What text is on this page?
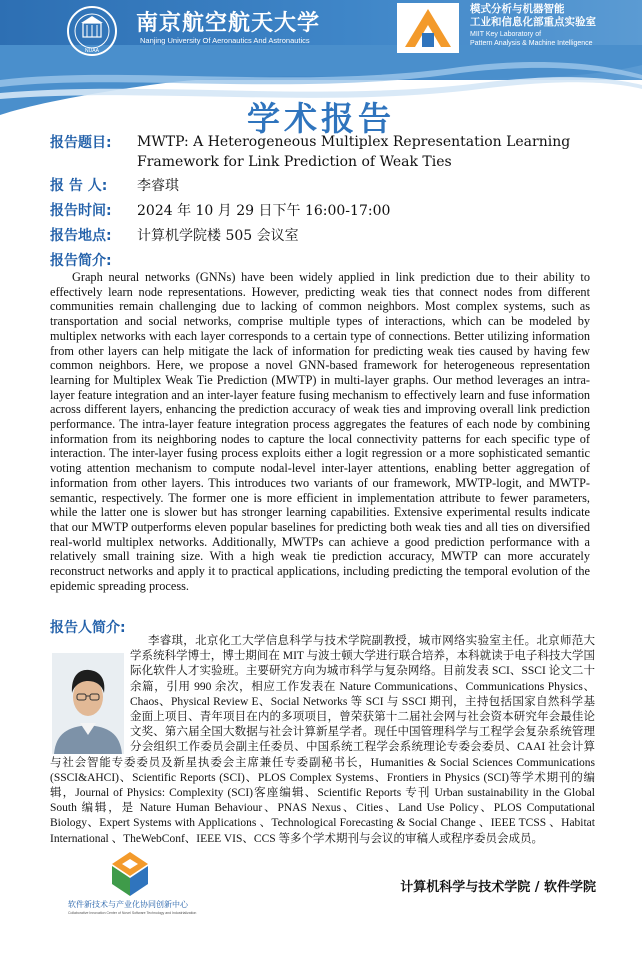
NUAA
南京航空航天大学
Nanjing University Of Aeronautics And Astronautics
模式分析与机器智能
工业和信息化部重点实验室
MIIT Key Laboratory of
Pattern Analysis & Machine Intelligence
学术报告
报告题目: MWTP: A Heterogeneous Multiplex Representation Learning Framework for Link Prediction of Weak Ties
报 告 人: 李睿琪
报告时间: 2024 年 10 月 29 日下午 16:00-17:00
报告地点: 计算机学院楼 505 会议室
报告简介:

Graph neural networks (GNNs) have been widely applied in link prediction due to their ability to effectively learn node representations. However, predicting weak ties that connect nodes from different communities remain challenging due to lacking of common neighbors. Most complex systems, such as transportation and social networks, comprise multiple types of interactions, which can be modeled by multiplex networks with each layer corresponds to a certain type of connections. Better utilizing information from other layers can help mitigate the lack of information for predicting weak ties caused by having few common neighbors. Here, we propose a novel GNN-based framework for heterogeneous representation learning for Multiplex Weak Tie Prediction (MWTP) in multi-layer graphs. Our method leverages an intra-layer feature integration and an inter-layer feature fusing mechanism to effectively learn and fuse information across different layers, enhancing the prediction accuracy of weak ties and improving overall link prediction performance. The intra-layer feature integration process aggregates the features of each node by combining information from its neighboring nodes to capture the local connectivity patterns for each specific type of interaction. The inter-layer fusing process exploits either a logit regression or a more sophisticated semantic voting attention mechanism to compute nodal-level inter-layer attentions, enabling better aggregation of information from other layers. This introduces two variants of our framework, MWTP-logit, and MWTP-semantic, respectively. The former one is more efficient in implementation attribute to fewer parameters, while the latter one is slower but has stronger learning capabilities. Extensive experimental results indicate that our MWTP outperforms eleven popular baselines for predicting both weak ties and all ties on diversified real-world multiplex networks. Additionally, MWTPs can achieve a good prediction performance with a relatively small training size. With a high weak tie prediction accuracy, MWTP can more accurately reconstruct networks and apply it to practical applications, including predicting the temporal evolution of the epidemic spreading process.

报告人简介:

李睿琪，北京化工大学信息科学与技术学院副教授，城市网络实验室主任。北京师范大学系统科学博士，博士期间在 MIT 与波士顿大学进行联合培养，本科就读于电子科技大学国际化软件人才实验班。主要研究方向为城市科学与复杂网络。目前发表 SCI、SSCI 论文二十余篇，引用 990 余次，相应工作发表在 Nature Communications、Communications Physics、Chaos、Physical Review E、Social Networks 等 SCI 与 SSCI 期刊，主持包括国家自然科学基金面上项目、青年项目在内的多项项目，曾荣获第十二届社会网与社会资本研究年会最佳论文奖、第六届全国大数据与社会计算新星学者。现任中国管理科学与工程学会复杂系统管理分会组织工作委员会副主任委员、中国系统工程学会系统理论专委会委员、CAAI 社会计算与社会智能专委委员及新星执委会主席兼任专委副秘书长，Humanities & Social Sciences Communications (SSCI&AHCI)、Scientific Reports (SCI)、PLOS Complex Systems、Frontiers in Physics (SCI)等学术期刊的编辑，Journal of Physics: Complexity (SCI)客座编辑、Scientific Reports 专刊 Urban sustainability in the Global South 编辑，是 Nature Human Behaviour、PNAS Nexus、Cities、Land Use Policy、PLOS Computational Biology、Expert Systems with Applications 、Technological Forecasting & Social Change 、IEEE TCSS 、Habitat International 、TheWebConf、IEEE VIS、CCS 等多个学术期刊与会议的审稿人或程序委员会成员。

计算机科学与技术学院 / 软件学院
软件新技术与产业化协同创新中心
Collaborative Innovation Center of Novel Software Technology and Industrialization
